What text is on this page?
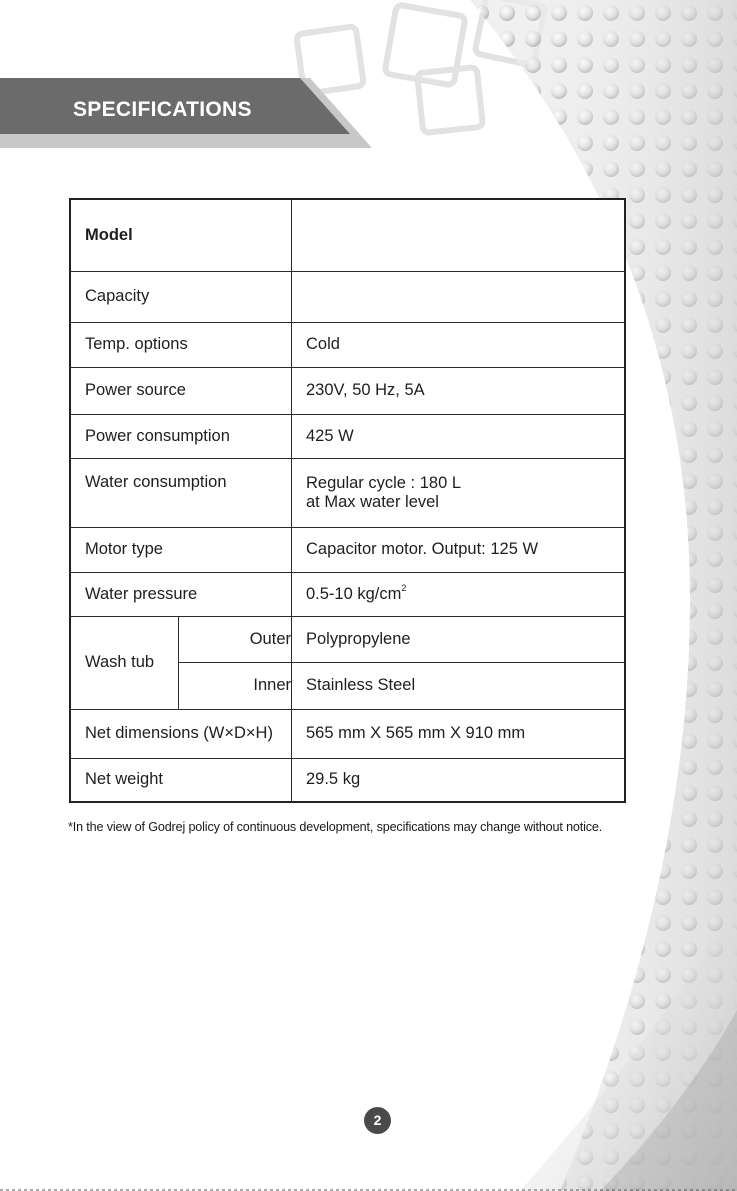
SPECIFICATIONS
Model		
Capacity		
Temp. options		Cold
Power source		230V, 50 Hz, 5A
Power consumption		425 W
Water consumption		Regular cycle : 180 L
at Max water level

Motor type		Capacitor motor. Output: 125 W
Water pressure		0.5-10 $kg/cm^2$
Wash tub	Outer	Polypropylene
	Inner	Stainless Steel
Net dimensions (W×D×H)		565 mm X 565 mm X 910 mm
Net weight		29.5 kg
*In the view of Godrej policy of continuous development, specifications may change without notice.
2
